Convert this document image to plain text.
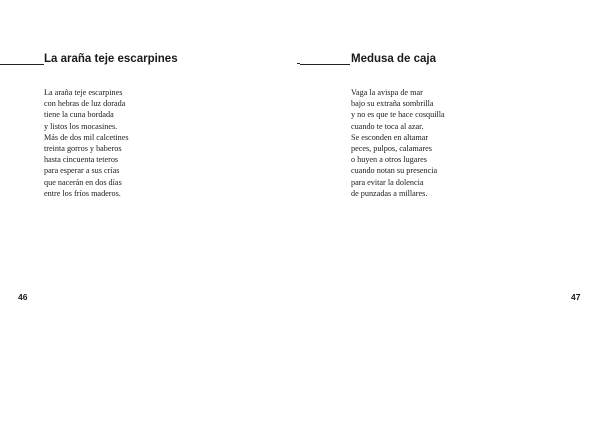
La araña teje escarpines
La araña teje escarpines
con hebras de luz dorada
tiene la cuna bordada
y listos los mocasines.
Más de dos mil calcetines
treinta gorros y baberos
hasta cincuenta teteros
para esperar a sus crías
que nacerán en dos días
entre los fríos maderos.
46
Medusa de caja
Vaga la avispa de mar
bajo su extraña sombrilla
y no es que te hace cosquilla
cuando te toca al azar.
Se esconden en altamar
peces, pulpos, calamares
o huyen a otros lugares
cuando notan su presencia
para evitar la dolencia
de punzadas a millares.
47
